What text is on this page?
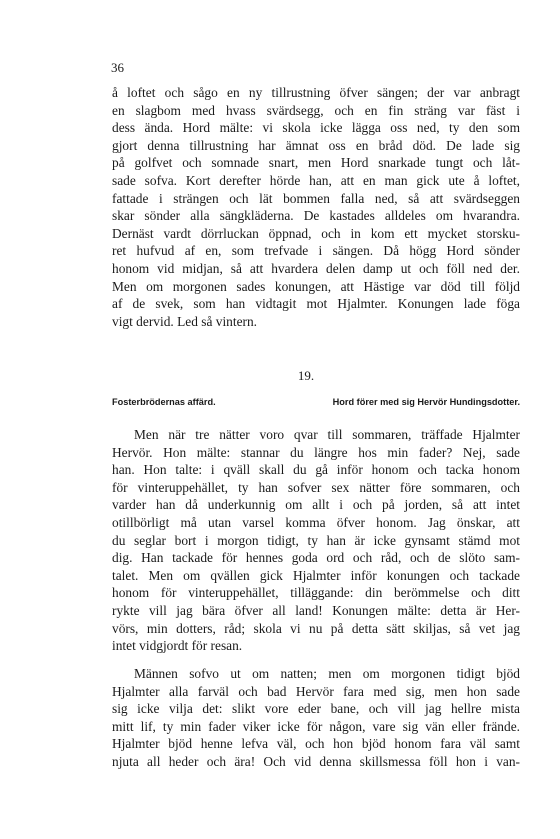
36
å loftet och sågo en ny tillrustning öfver sängen; der var anbragt
en slagbom med hvass svärdsegg, och en fin sträng var fäst i
dess ända. Hord mälte: vi skola icke lägga oss ned, ty den som
gjort denna tillrustning har ämnat oss en bråd död. De lade sig
på golfvet och somnade snart, men Hord snarkade tungt och låt-
sade sofva. Kort derefter hörde han, att en man gick ute å loftet,
fattade i strängen och lät bommen falla ned, så att svärdseggen
skar sönder alla sängkläderna. De kastades alldeles om hvarandra.
Dernäst vardt dörrluckan öppnad, och in kom ett mycket storsku-
ret hufvud af en, som trefvade i sängen. Då högg Hord sönder
honom vid midjan, så att hvardera delen damp ut och föll ned der.
Men om morgonen sades konungen, att Hästige var död till följd
af de svek, som han vidtagit mot Hjalmter. Konungen lade föga
vigt dervid. Led så vintern.
19.
Fosterbrödernas affärd.	Hord förer med sig Hervör Hundingsdotter.
Men när tre nätter voro qvar till sommaren, träffade Hjalmter
Hervör. Hon mälte: stannar du längre hos min fader? Nej, sade
han. Hon talte: i qväll skall du gå inför honom och tacka honom
för vinteruppehället, ty han sofver sex nätter före sommaren, och
varder han då underkunnig om allt i och på jorden, så att intet
otillbörligt må utan varsel komma öfver honom. Jag önskar, att
du seglar bort i morgon tidigt, ty han är icke gynsamt stämd mot
dig. Han tackade för hennes goda ord och råd, och de slöto sam-
talet. Men om qvällen gick Hjalmter inför konungen och tackade
honom för vinteruppehället, tilläggande: din berömmelse och ditt
rykte vill jag bära öfver all land! Konungen mälte: detta är Her-
vörs, min dotters, råd; skola vi nu på detta sätt skiljas, så vet jag
intet vidgjordt för resan.
Männen sofvo ut om natten; men om morgonen tidigt bjöd
Hjalmter alla farväl och bad Hervör fara med sig, men hon sade
sig icke vilja det: slikt vore eder bane, och vill jag hellre mista
mitt lif, ty min fader viker icke för någon, vare sig vän eller frände.
Hjalmter bjöd henne lefva väl, och hon bjöd honom fara väl samt
njuta all heder och ära! Och vid denna skillsmessa föll hon i van-
